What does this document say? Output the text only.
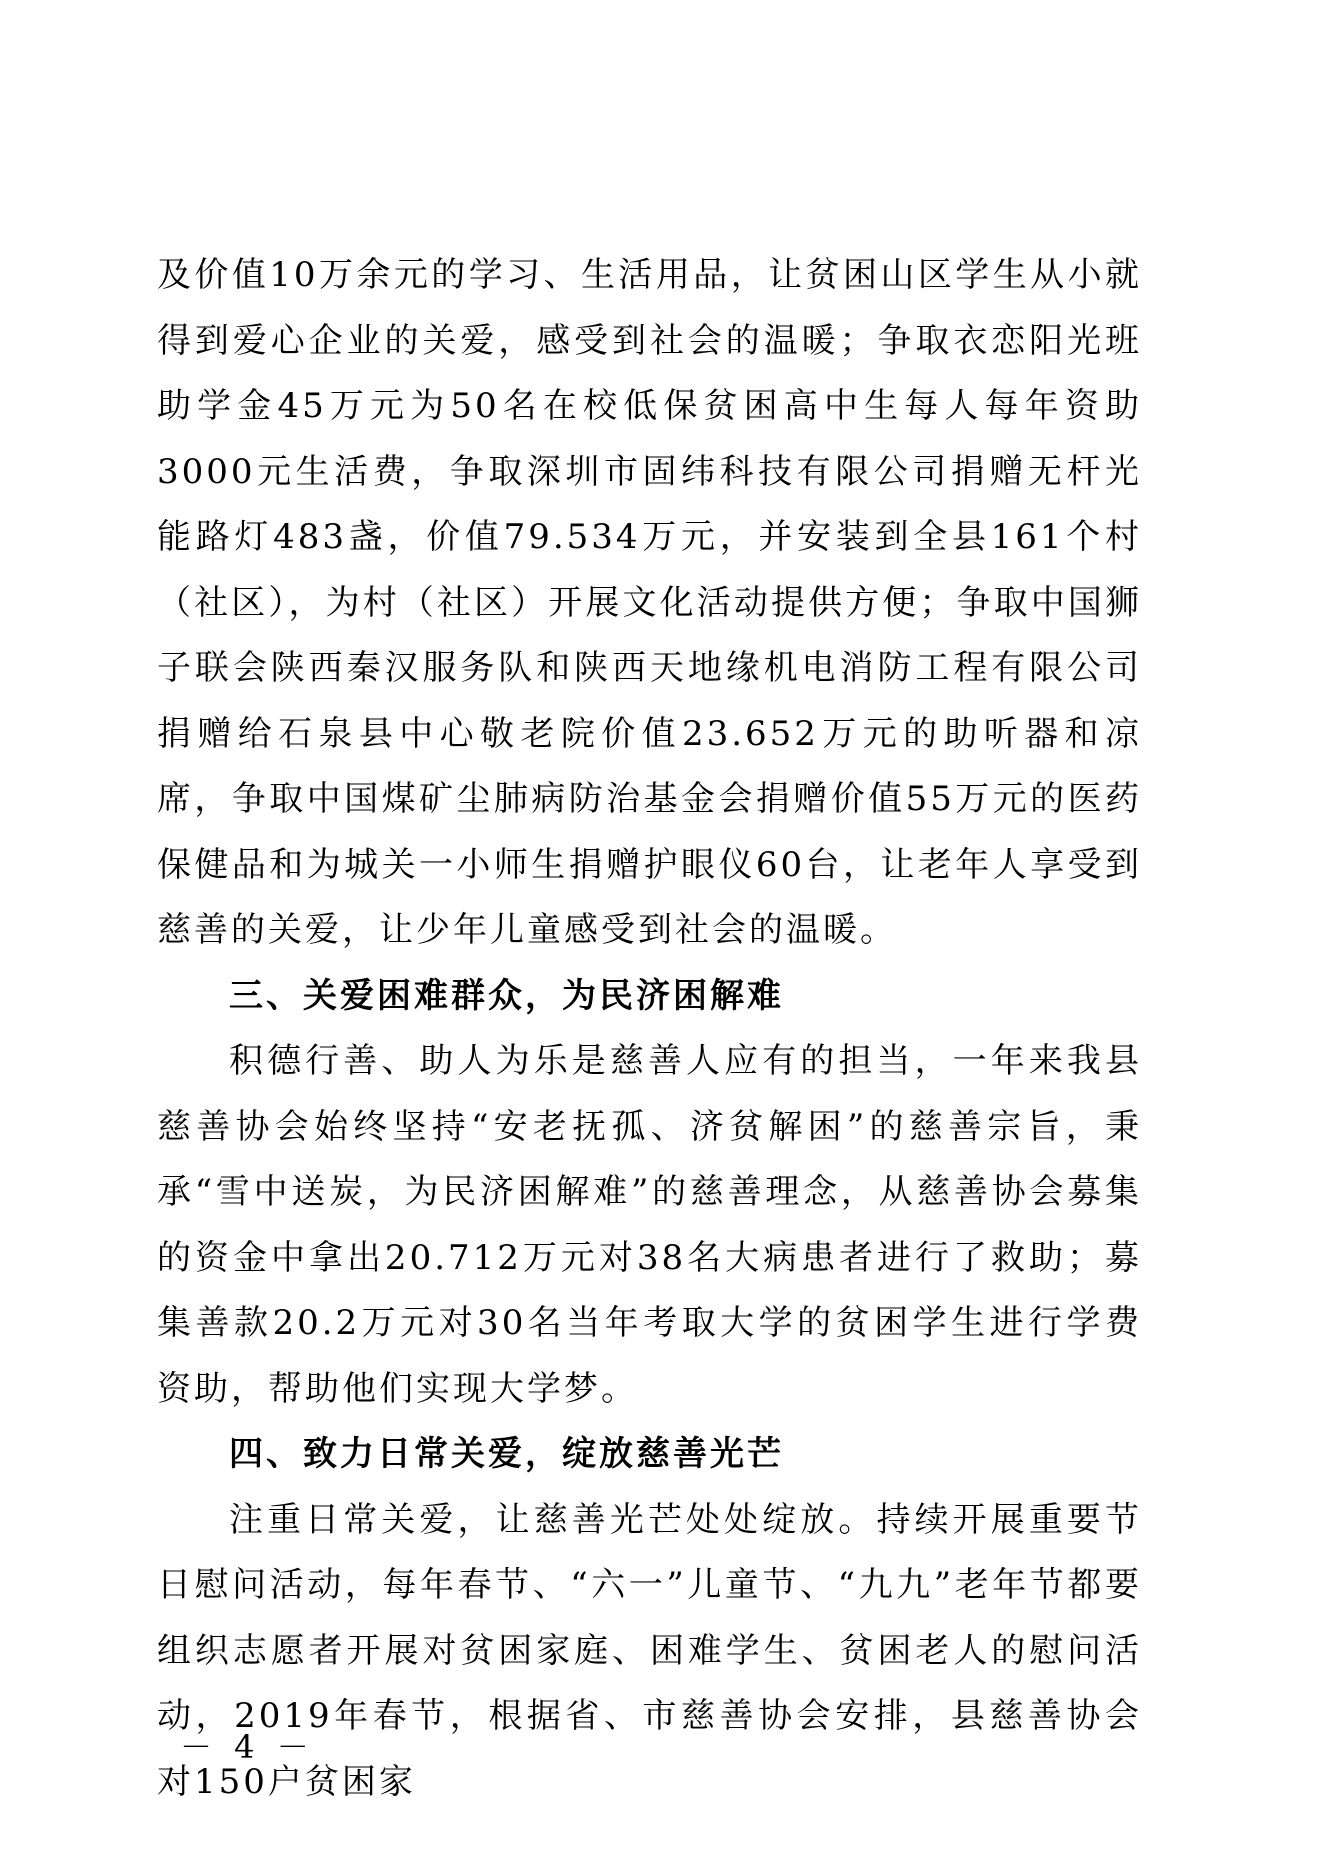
及价值10万余元的学习、生活用品，让贫困山区学生从小就得到爱心企业的关爱，感受到社会的温暖；争取衣恋阳光班助学金45万元为50名在校低保贫困高中生每人每年资助3000元生活费，争取深圳市固纬科技有限公司捐赠无杆光能路灯483盏，价值79.534万元，并安装到全县161个村（社区），为村（社区）开展文化活动提供方便；争取中国狮子联会陕西秦汉服务队和陕西天地缘机电消防工程有限公司捐赠给石泉县中心敬老院价值23.652万元的助听器和凉席，争取中国煤矿尘肺病防治基金会捐赠价值55万元的医药保健品和为城关一小师生捐赠护眼仪60台，让老年人享受到慈善的关爱，让少年儿童感受到社会的温暖。

三、关爱困难群众，为民济困解难

积德行善、助人为乐是慈善人应有的担当，一年来我县慈善协会始终坚持“安老抚孤、济贫解困”的慈善宗旨，秉承“雪中送炭，为民济困解难”的慈善理念，从慈善协会募集的资金中拿出20.712万元对38名大病患者进行了救助；募集善款20.2万元对30名当年考取大学的贫困学生进行学费资助，帮助他们实现大学梦。

四、致力日常关爱，绽放慈善光芒

注重日常关爱，让慈善光芒处处绽放。持续开展重要节日慰问活动，每年春节、“六一”儿童节、“九九”老年节都要组织志愿者开展对贫困家庭、困难学生、贫困老人的慰问活动，2019年春节，根据省、市慈善协会安排，县慈善协会对150户贫困家

－ 4 －
